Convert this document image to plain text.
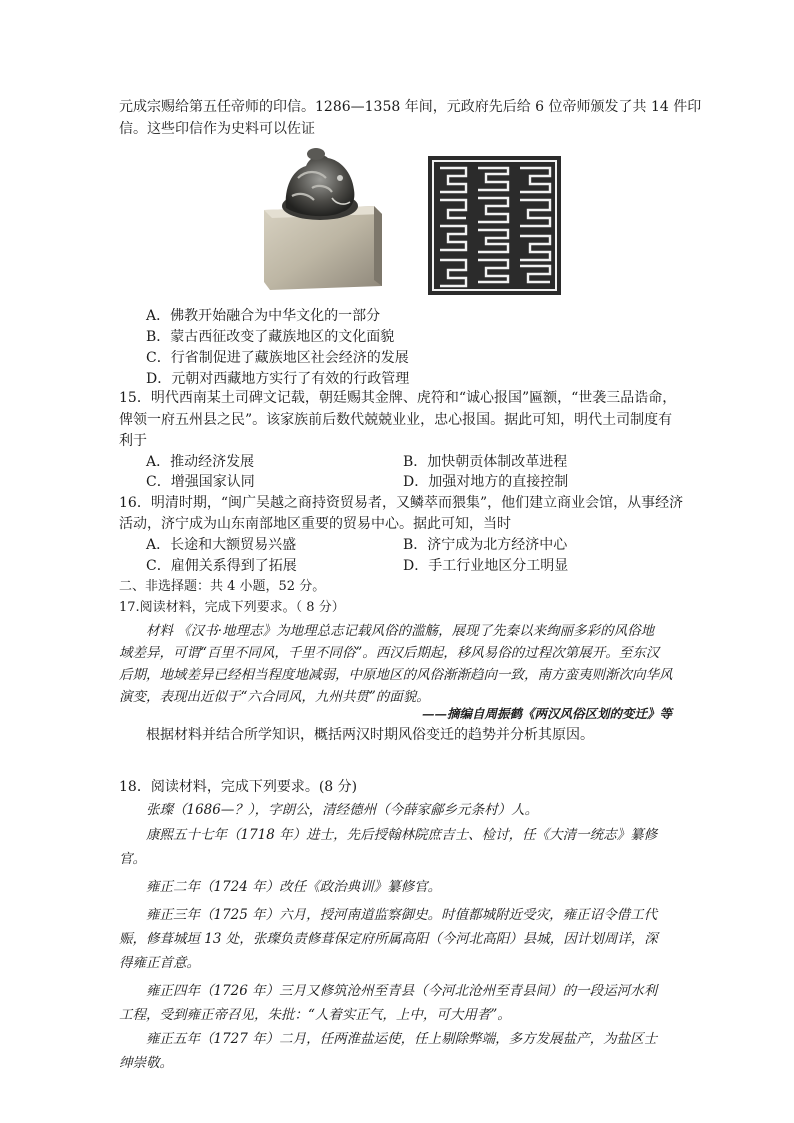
元成宗赐给第五任帝师的印信。1286—1358 年间，元政府先后给 6 位帝师颁发了共 14 件印
信。这些印信作为史料可以佐证
A．佛教开始融合为中华文化的一部分
B．蒙古西征改变了藏族地区的文化面貌
C．行省制促进了藏族地区社会经济的发展
D．元朝对西藏地方实行了有效的行政管理
15．明代西南某土司碑文记载，朝廷赐其金牌、虎符和“诚心报国”匾额，“世袭三品诰命，
俾领一府五州县之民”。该家族前后数代兢兢业业，忠心报国。据此可知，明代土司制度有
利于
A．推动经济发展	B．加快朝贡体制改革进程
C．增强国家认同	D．加强对地方的直接控制
16．明清时期，“闽广吴越之商持资贸易者，又鳞萃而猥集”，他们建立商业会馆，从事经济
活动，济宁成为山东南部地区重要的贸易中心。据此可知，当时
A．长途和大额贸易兴盛	B．济宁成为北方经济中心
C．雇佣关系得到了拓展	D．手工行业地区分工明显
二、非选择题：共 4 小题，52 分。
17.阅读材料，完成下列要求。（ 8 分）
材料 《汉书·地理志》为地理总志记载风俗的滥觞，展现了先秦以来绚丽多彩的风俗地
域差异，可谓“百里不同风，千里不同俗”。西汉后期起，移风易俗的过程次第展开。至东汉
后期，地域差异已经相当程度地减弱，中原地区的风俗渐渐趋向一致，南方蛮夷则渐次向华风
演变，表现出近似于“六合同风，九州共贯”的面貌。
——摘编自周振鹤《两汉风俗区划的变迁》等
根据材料并结合所学知识，概括两汉时期风俗变迁的趋势并分析其原因。
18．阅读材料，完成下列要求。(8 分)
张璨（1686—？），字朗公，清经德州（今薛家鄃乡元条村）人。
康熙五十七年（1718 年）进士，先后授翰林院庶吉士、检讨，任《大清一统志》纂修
官。
雍正二年（1724 年）改任《政治典训》纂修官。
雍正三年（1725 年）六月，授河南道监察御史。时值都城附近受灾，雍正诏令借工代
赈，修葺城垣 13 处，张璨负责修葺保定府所属高阳（今河北高阳）县城，因计划周详，深
得雍正首意。
雍正四年（1726 年）三月又修筑沧州至青县（今河北沧州至青县间）的一段运河水利
工程，受到雍正帝召见，朱批：“人着实正气，上中，可大用者”。
雍正五年（1727 年）二月，任两淮盐运使，任上剔除弊端，多方发展盐产，为盐区士
绅崇敬。
